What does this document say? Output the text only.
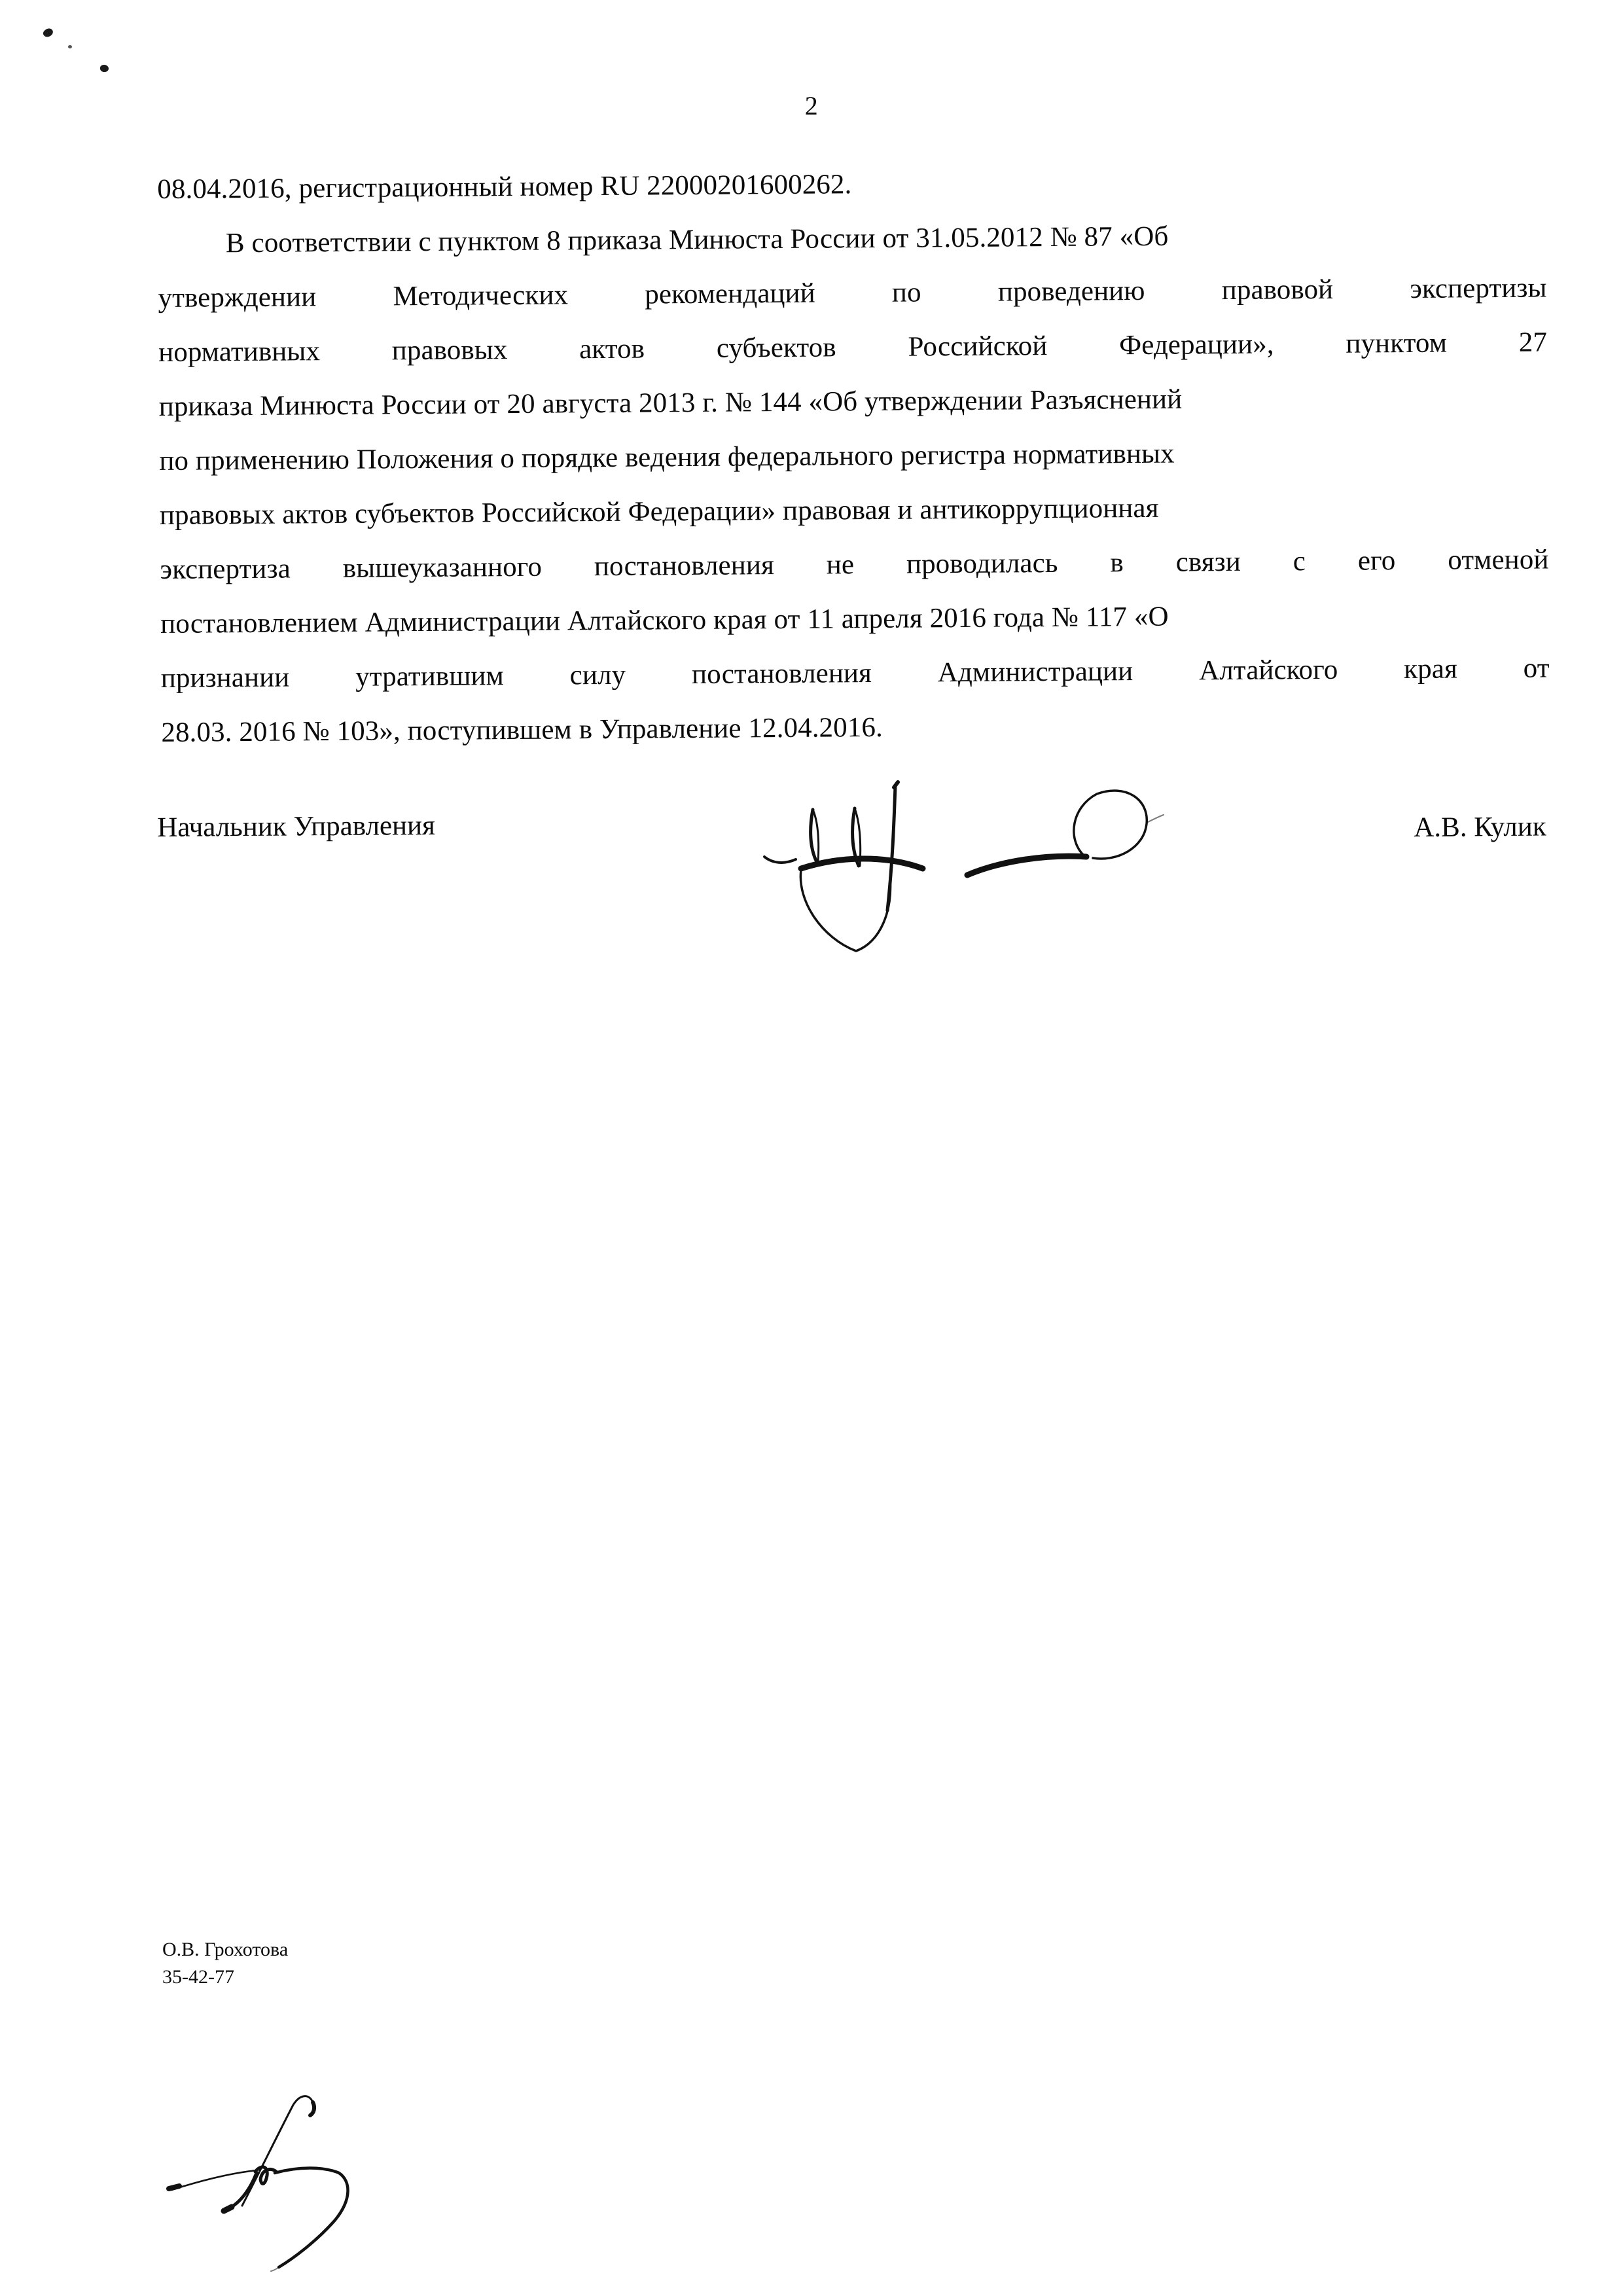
2
08.04.2016, регистрационный номер RU 22000201600262.
В соответствии с пунктом 8 приказа Минюста России от 31.05.2012 № 87 «Об
утверждении	Методических	рекомендаций	по	проведению	правовой	экспертизы
нормативных	правовых	актов	субъектов	Российской	Федерации»,	пунктом	27
приказа Минюста России от 20 августа 2013 г. № 144 «Об утверждении Разъяснений
по применению Положения о порядке ведения федерального регистра нормативных
правовых актов субъектов Российской Федерации» правовая и антикоррупционная
экспертиза вышеуказанного постановления не проводилась в связи с его отменой
постановлением Администрации Алтайского края от 11 апреля 2016 года № 117 «О
признании утратившим силу постановления Администрации Алтайского края от
28.03. 2016 № 103», поступившем в Управление 12.04.2016.
Начальник Управления	А.В. Кулик
О.В. Грохотова
35-42-77
